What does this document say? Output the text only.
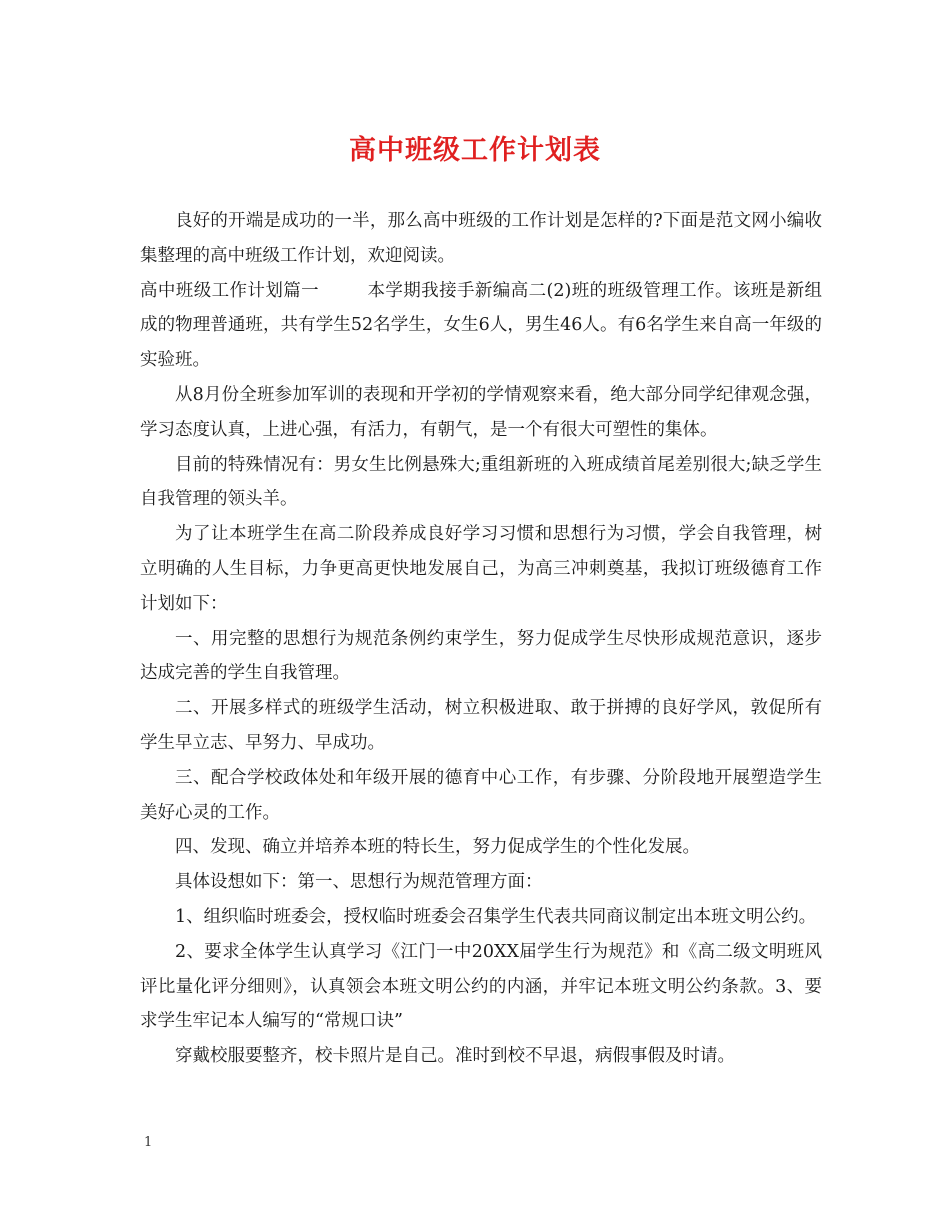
高中班级工作计划表

良好的开端是成功的一半，那么高中班级的工作计划是怎样的?下面是范文网小编收集整理的高中班级工作计划，欢迎阅读。

高中班级工作计划篇一	本学期我接手新编高二(2)班的班级管理工作。该班是新组成的物理普通班，共有学生52名学生，女生6人，男生46人。有6名学生来自高一年级的实验班。

从8月份全班参加军训的表现和开学初的学情观察来看，绝大部分同学纪律观念强，学习态度认真，上进心强，有活力，有朝气，是一个有很大可塑性的集体。

目前的特殊情况有：男女生比例悬殊大;重组新班的入班成绩首尾差别很大;缺乏学生自我管理的领头羊。

为了让本班学生在高二阶段养成良好学习习惯和思想行为习惯，学会自我管理，树立明确的人生目标，力争更高更快地发展自己，为高三冲刺奠基，我拟订班级德育工作计划如下：

一、用完整的思想行为规范条例约束学生，努力促成学生尽快形成规范意识，逐步达成完善的学生自我管理。

二、开展多样式的班级学生活动，树立积极进取、敢于拼搏的良好学风，敦促所有学生早立志、早努力、早成功。

三、配合学校政体处和年级开展的德育中心工作，有步骤、分阶段地开展塑造学生美好心灵的工作。

四、发现、确立并培养本班的特长生，努力促成学生的个性化发展。

具体设想如下：第一、思想行为规范管理方面：

1、组织临时班委会，授权临时班委会召集学生代表共同商议制定出本班文明公约。

2、要求全体学生认真学习《江门一中20XX届学生行为规范》和《高二级文明班风评比量化评分细则》，认真领会本班文明公约的内涵，并牢记本班文明公约条款。3、要求学生牢记本人编写的“常规口诀”

穿戴校服要整齐，校卡照片是自己。准时到校不早退，病假事假及时请。

1
